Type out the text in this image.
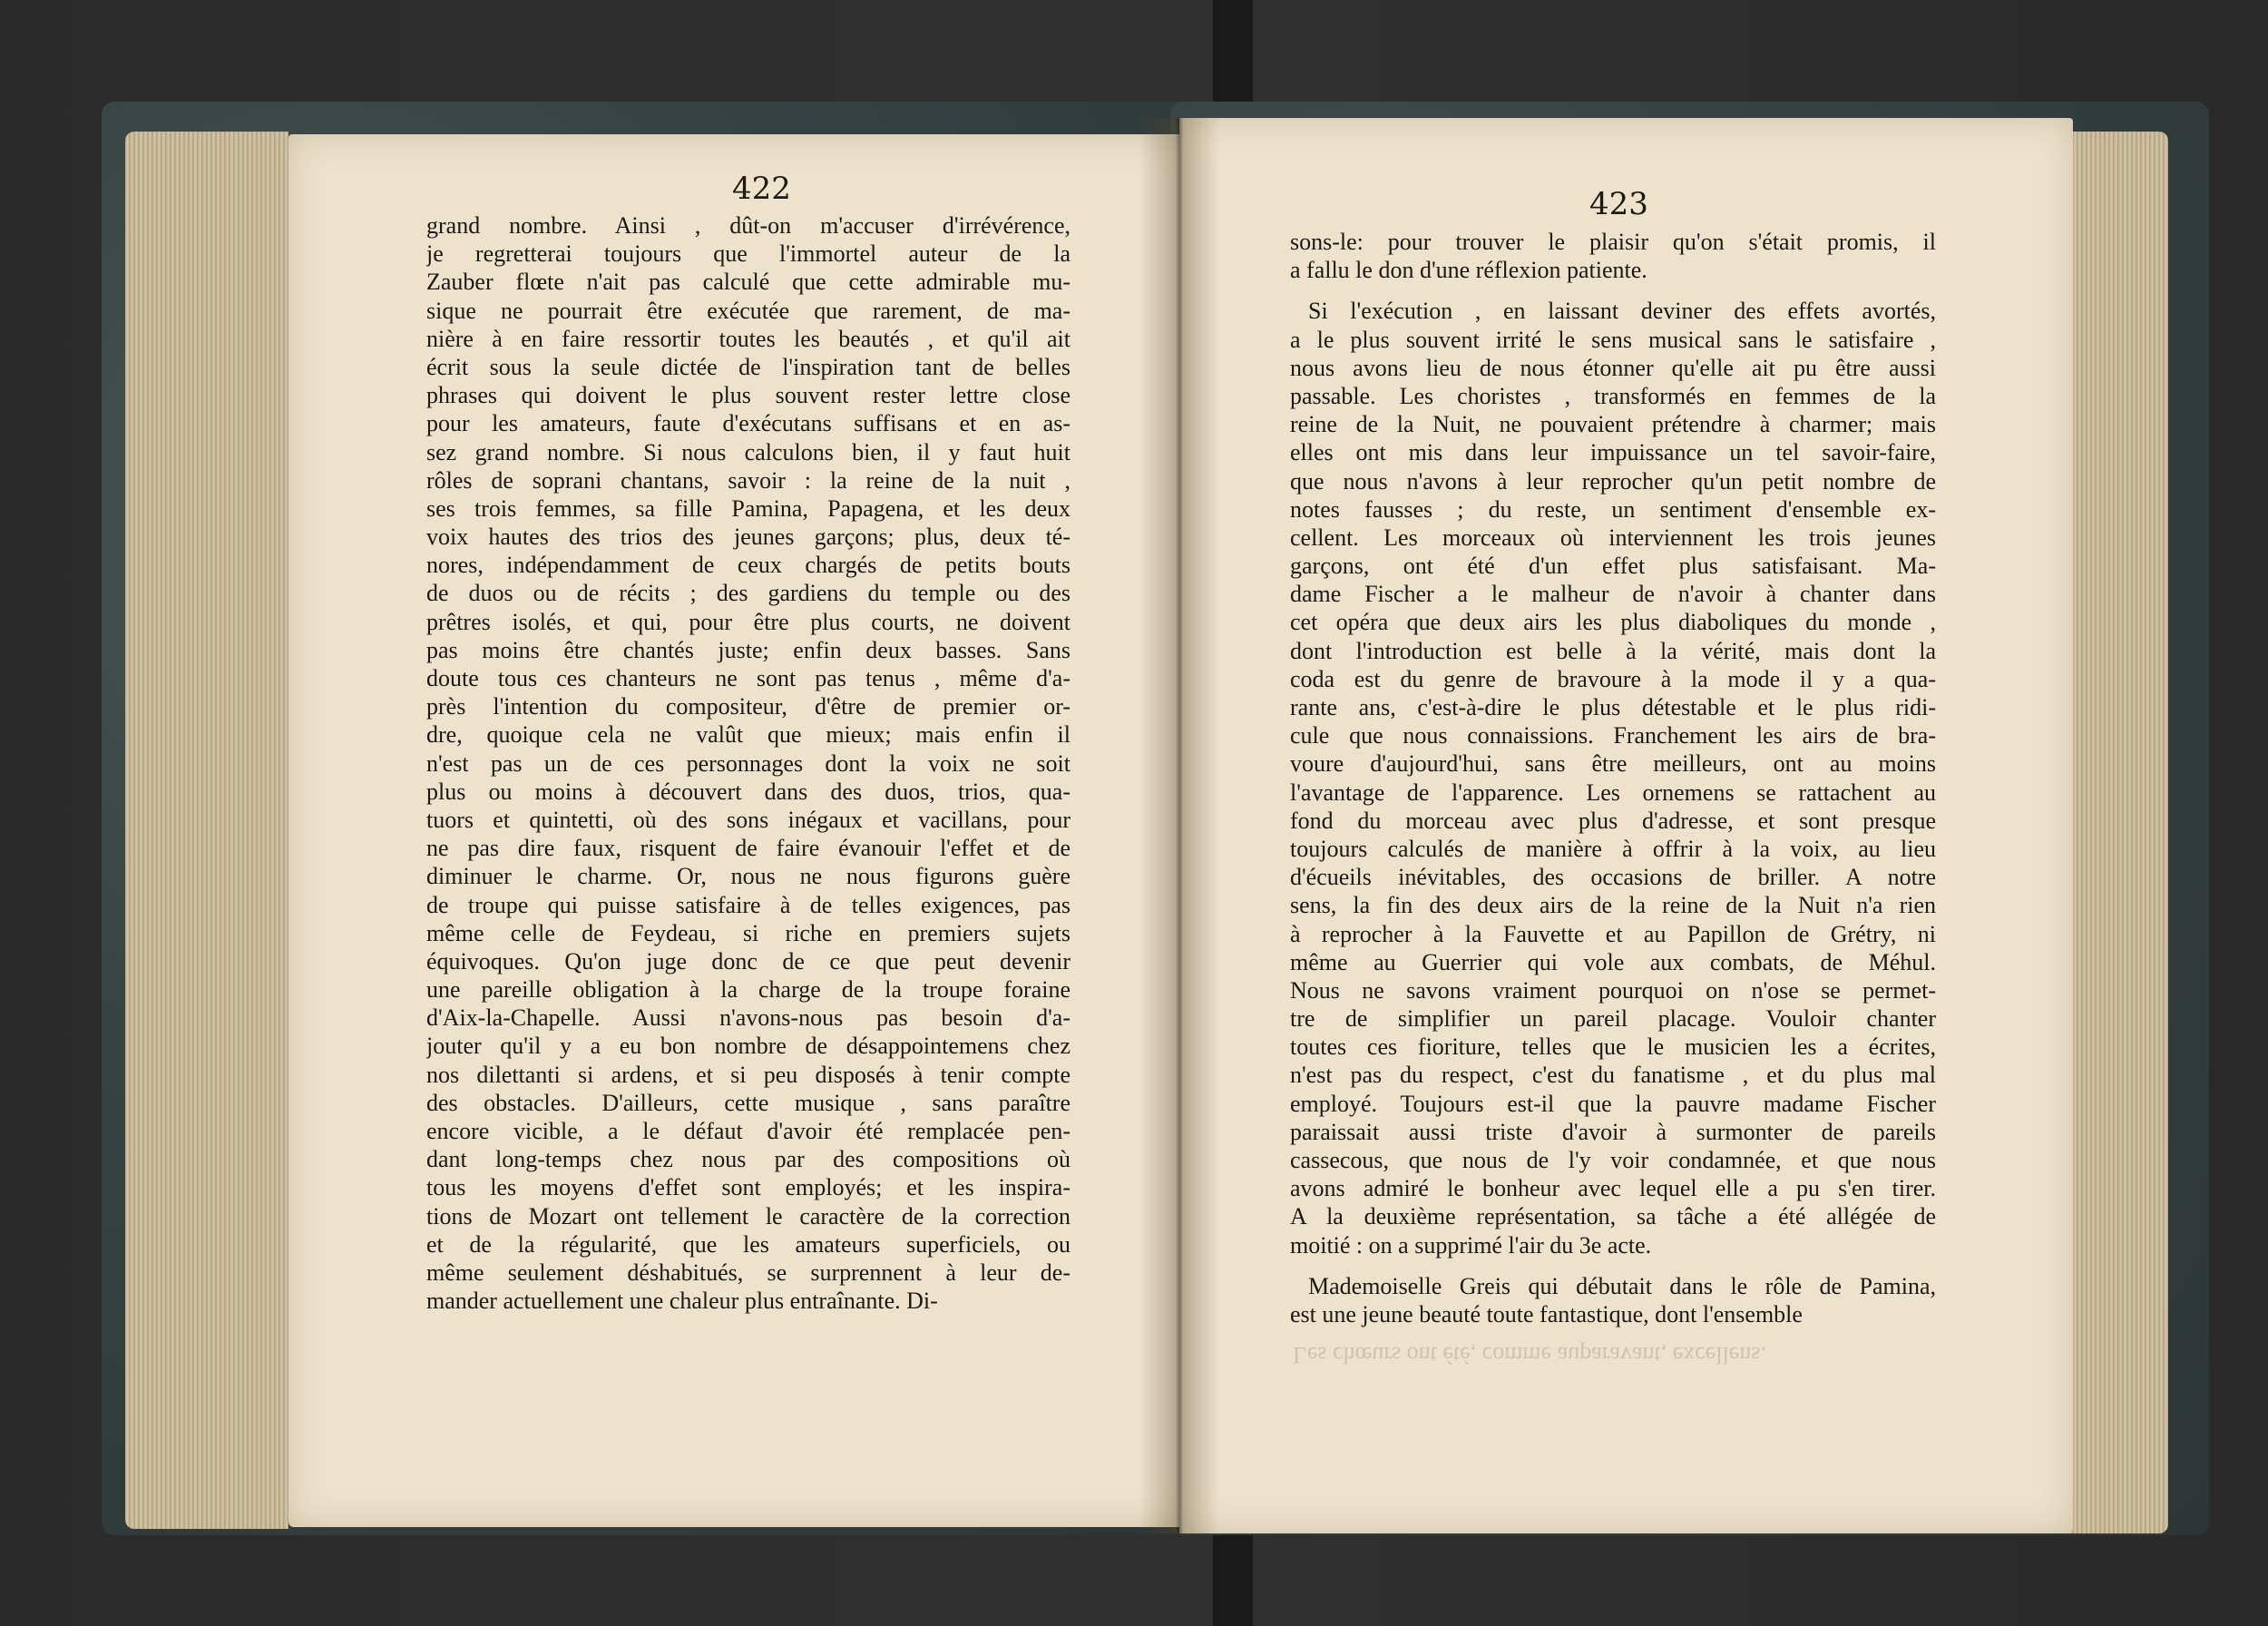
422	423
grand nombre. Ainsi , dût-on m'accuser d'irrévérence,
je regretterai toujours que l'immortel auteur de la
Zauber flœte n'ait pas calculé que cette admirable mu-
sique ne pourrait être exécutée que rarement, de ma-
nière à en faire ressortir toutes les beautés , et qu'il ait
écrit sous la seule dictée de l'inspiration tant de belles
phrases qui doivent le plus souvent rester lettre close
pour les amateurs, faute d'exécutans suffisans et en as-
sez grand nombre. Si nous calculons bien, il y faut huit
rôles de soprani chantans, savoir : la reine de la nuit ,
ses trois femmes, sa fille Pamina, Papagena, et les deux
voix hautes des trios des jeunes garçons; plus, deux té-
nores, indépendamment de ceux chargés de petits bouts
de duos ou de récits ; des gardiens du temple ou des
prêtres isolés, et qui, pour être plus courts, ne doivent
pas moins être chantés juste; enfin deux basses. Sans
doute tous ces chanteurs ne sont pas tenus , même d'a-
près l'intention du compositeur, d'être de premier or-
dre, quoique cela ne valût que mieux; mais enfin il
n'est pas un de ces personnages dont la voix ne soit
plus ou moins à découvert dans des duos, trios, qua-
tuors et quintetti, où des sons inégaux et vacillans, pour
ne pas dire faux, risquent de faire évanouir l'effet et de
diminuer le charme. Or, nous ne nous figurons guère
de troupe qui puisse satisfaire à de telles exigences, pas
même celle de Feydeau, si riche en premiers sujets
équivoques. Qu'on juge donc de ce que peut devenir
une pareille obligation à la charge de la troupe foraine
d'Aix-la-Chapelle. Aussi n'avons-nous pas besoin d'a-
jouter qu'il y a eu bon nombre de désappointemens chez
nos dilettanti si ardens, et si peu disposés à tenir compte
des obstacles. D'ailleurs, cette musique , sans paraître
encore vicible, a le défaut d'avoir été remplacée pen-
dant long-temps chez nous par des compositions où
tous les moyens d'effet sont employés; et les inspira-
tions de Mozart ont tellement le caractère de la correction
et de la régularité, que les amateurs superficiels, ou
même seulement déshabitués, se surprennent à leur de-
mander actuellement une chaleur plus entraînante. Di-
sons-le: pour trouver le plaisir qu'on s'était promis, il
a fallu le don d'une réflexion patiente.
Si l'exécution , en laissant deviner des effets avortés,
a le plus souvent irrité le sens musical sans le satisfaire ,
nous avons lieu de nous étonner qu'elle ait pu être aussi
passable. Les choristes , transformés en femmes de la
reine de la Nuit, ne pouvaient prétendre à charmer; mais
elles ont mis dans leur impuissance un tel savoir-faire,
que nous n'avons à leur reprocher qu'un petit nombre de
notes fausses ; du reste, un sentiment d'ensemble ex-
cellent. Les morceaux où interviennent les trois jeunes
garçons, ont été d'un effet plus satisfaisant. Ma-
dame Fischer a le malheur de n'avoir à chanter dans
cet opéra que deux airs les plus diaboliques du monde ,
dont l'introduction est belle à la vérité, mais dont la
coda est du genre de bravoure à la mode il y a qua-
rante ans, c'est-à-dire le plus détestable et le plus ridi-
cule que nous connaissions. Franchement les airs de bra-
voure d'aujourd'hui, sans être meilleurs, ont au moins
l'avantage de l'apparence. Les ornemens se rattachent au
fond du morceau avec plus d'adresse, et sont presque
toujours calculés de manière à offrir à la voix, au lieu
d'écueils inévitables, des occasions de briller. A notre
sens, la fin des deux airs de la reine de la Nuit n'a rien
à reprocher à la Fauvette et au Papillon de Grétry, ni
même au Guerrier qui vole aux combats, de Méhul.
Nous ne savons vraiment pourquoi on n'ose se permet-
tre de simplifier un pareil placage. Vouloir chanter
toutes ces fioriture, telles que le musicien les a écrites,
n'est pas du respect, c'est du fanatisme , et du plus mal
employé. Toujours est-il que la pauvre madame Fischer
paraissait aussi triste d'avoir à surmonter de pareils
cassecous, que nous de l'y voir condamnée, et que nous
avons admiré le bonheur avec lequel elle a pu s'en tirer.
A la deuxième représentation, sa tâche a été allégée de
moitié : on a supprimé l'air du 3e acte.
Mademoiselle Greis qui débutait dans le rôle de Pamina,
est une jeune beauté toute fantastique, dont l'ensemble
Les chœurs ont été, comme auparavant, excellens.
